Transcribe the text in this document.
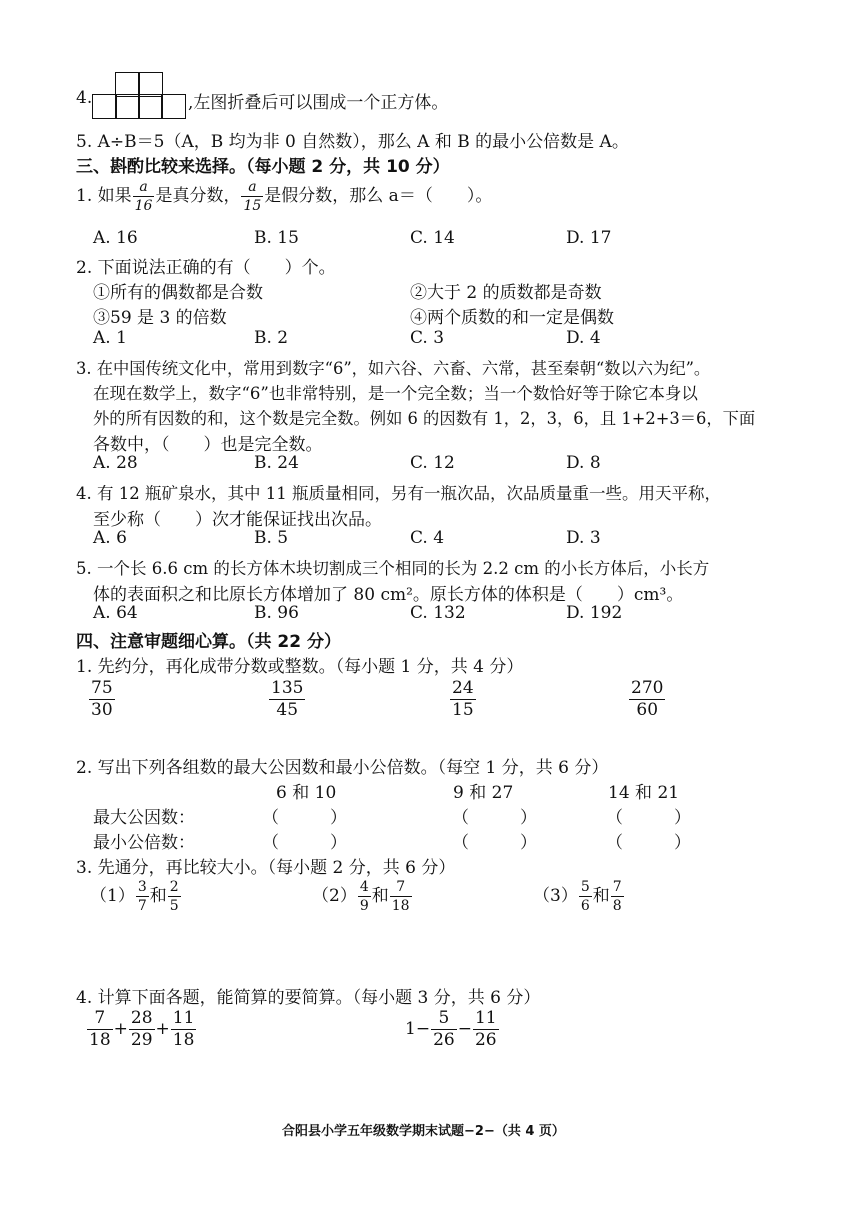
4.	,左图折叠后可以围成一个正方体。
5. A÷B＝5（A，B 均为非 0 自然数），那么 A 和 B 的最小公倍数是 A。
三、斟酌比较来选择。（每小题 2 分，共 10 分）
1. 如果 $\frac{a}{16}$ 是真分数， $\frac{a}{15}$ 是假分数，那么 a＝（　　）。
A. 16	B. 15	C. 14	D. 17
2. 下面说法正确的有（　　）个。
①所有的偶数都是合数	②大于 2 的质数都是奇数
③59 是 3 的倍数	④两个质数的和一定是偶数
A. 1	B. 2	C. 3	D. 4
3. 在中国传统文化中，常用到数字“6”，如六谷、六畜、六常，甚至秦朝“数以六为纪”。
在现在数学上，数字“6”也非常特别，是一个完全数；当一个数恰好等于除它本身以
外的所有因数的和，这个数是完全数。例如 6 的因数有 1，2，3，6，且 1+2+3＝6，下面
各数中，（　　）也是完全数。
A. 28	B. 24	C. 12	D. 8
4. 有 12 瓶矿泉水，其中 11 瓶质量相同，另有一瓶次品，次品质量重一些。用天平称，
至少称（　　）次才能保证找出次品。
A. 6	B. 5	C. 4	D. 3
5. 一个长 6.6 cm 的长方体木块切割成三个相同的长为 2.2 cm 的小长方体后，小长方
体的表面积之和比原长方体增加了 80 cm²。原长方体的体积是（　　）cm³。
A. 64	B. 96	C. 132	D. 192
四、注意审题细心算。（共 22 分）
1. 先约分，再化成带分数或整数。（每小题 1 分，共 4 分）
$\frac{75}{30}$	$\frac{135}{45}$	$\frac{24}{15}$	$\frac{270}{60}$
2. 写出下列各组数的最大公因数和最小公倍数。（每空 1 分，共 6 分）
6 和 10	9 和 27	14 和 21
最大公因数：	（　　　）	（　　　）	（　　　）
最小公倍数：	（　　　）	（　　　）	（　　　）
3. 先通分，再比较大小。（每小题 2 分，共 6 分）
$(1) \frac{3}{7}$ 和 $\frac{2}{5}$	$(2) \frac{4}{9}$ 和 $\frac{7}{18}$	$(3) \frac{5}{6}$ 和 $\frac{7}{8}$
4. 计算下面各题，能简算的要简算。（每小题 3 分，共 6 分）
$\frac{7}{18} + \frac{28}{29} + \frac{11}{18}$	$1- \frac{5}{26} - \frac{11}{26}$
合阳县小学五年级数学期末试题−2−（共 4 页）
